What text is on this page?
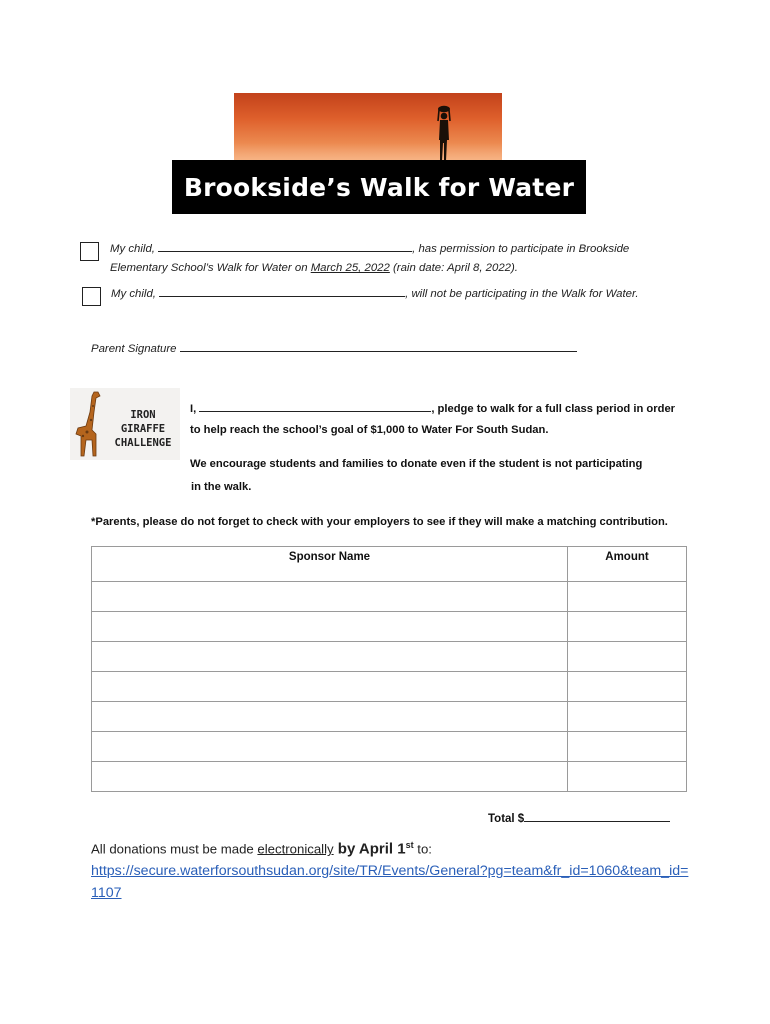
Brookside’s Walk for Water
My child,	, has permission to participate in Brookside
Elementary School’s Walk for Water on March 25, 2022 (rain date: April 8, 2022).
My child,	, will not be participating in the Walk for Water.
Parent Signature
IRON GIRAFFE
CHALLENGE
I,	, pledge to walk for a full class period in order
to help reach the school’s goal of $1,000 to Water For South Sudan.
We encourage students and families to donate even if the student is not participating
in the walk.
*Parents, please do not forget to check with your employers to see if they will make a matching contribution.
Sponsor Name	Amount

Total $
All donations must be made electronically by April 1st to:
https://secure.waterforsouthsudan.org/site/TR/Events/General?pg=team&fr_id=1060&team_id=1107
